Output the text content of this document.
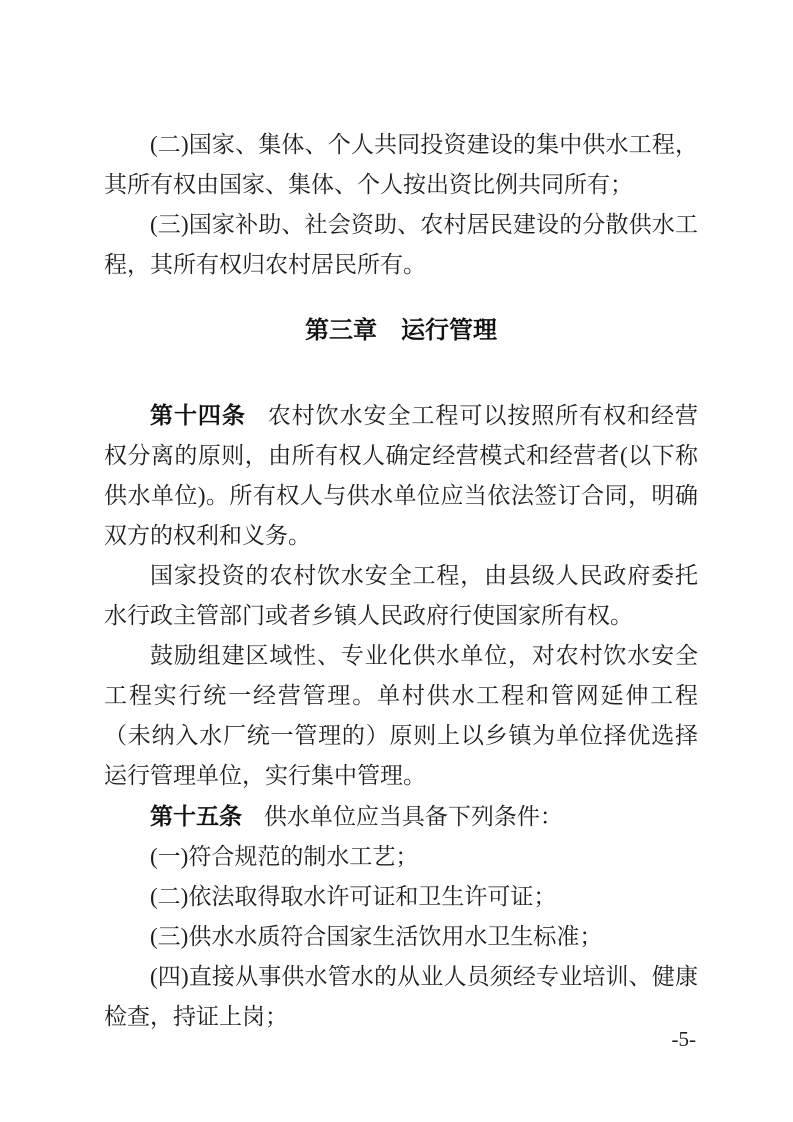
(二)国家、集体、个人共同投资建设的集中供水工程，其所有权由国家、集体、个人按出资比例共同所有；

(三)国家补助、社会资助、农村居民建设的分散供水工程，其所有权归农村居民所有。

第三章　运行管理

第十四条 农村饮水安全工程可以按照所有权和经营权分离的原则，由所有权人确定经营模式和经营者(以下称供水单位)。所有权人与供水单位应当依法签订合同，明确双方的权利和义务。

国家投资的农村饮水安全工程，由县级人民政府委托水行政主管部门或者乡镇人民政府行使国家所有权。

鼓励组建区域性、专业化供水单位，对农村饮水安全工程实行统一经营管理。单村供水工程和管网延伸工程（未纳入水厂统一管理的）原则上以乡镇为单位择优选择运行管理单位，实行集中管理。

第十五条 供水单位应当具备下列条件：

(一)符合规范的制水工艺；

(二)依法取得取水许可证和卫生许可证；

(三)供水水质符合国家生活饮用水卫生标准；

(四)直接从事供水管水的从业人员须经专业培训、健康检查，持证上岗；

-5-
